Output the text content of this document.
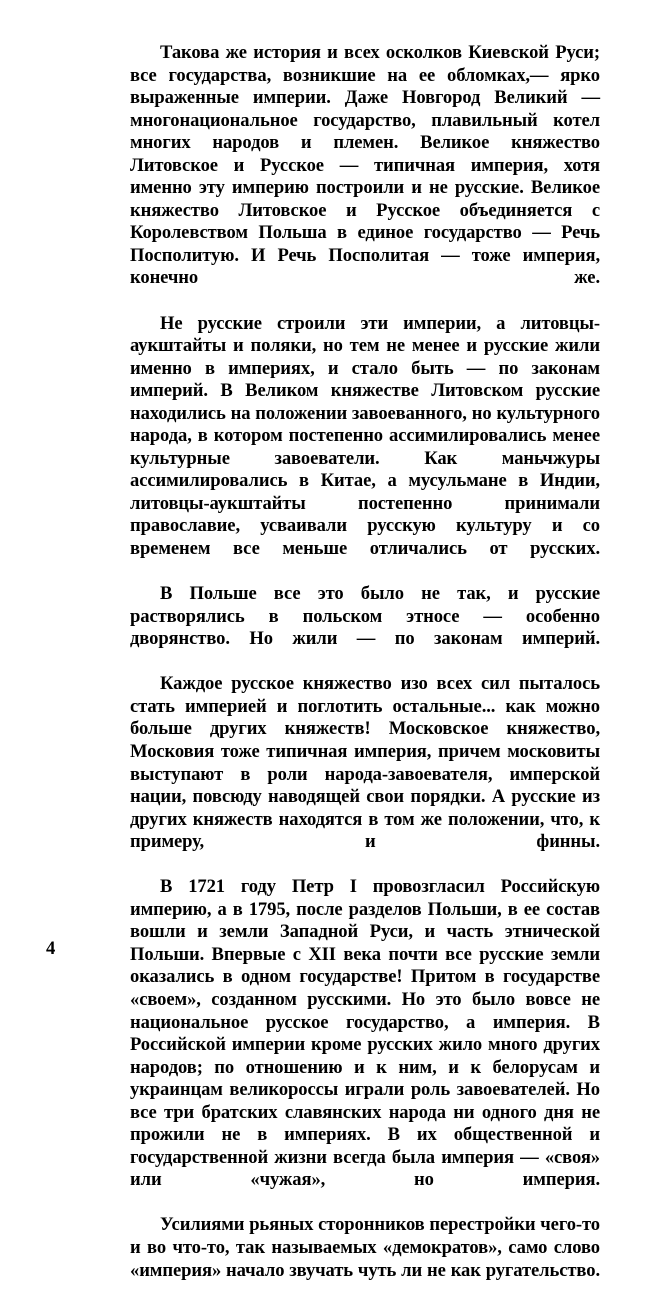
Такова же история и всех осколков Киевской Руси; все государства, возникшие на ее обломках,— ярко выраженные империи. Даже Новгород Великий — многонациональное государство, плавильный котел многих народов и племен. Великое княжество Литовское и Русское — типичная империя, хотя именно эту империю построили и не русские. Великое княжество Литовское и Русское объединяется с Королевством Польша в единое государство — Речь Посполитую. И Речь Посполитая — тоже империя, конечно же.

Не русские строили эти империи, а литовцы-аукштайты и поляки, но тем не менее и русские жили именно в империях, и стало быть — по законам империй. В Великом княжестве Литовском русские находились на положении завоеванного, но культурного народа, в котором постепенно ассимилировались менее культурные завоеватели. Как маньчжуры ассимилировались в Китае, а мусульмане в Индии, литовцы-аукштайты постепенно принимали православие, усваивали русскую культуру и со временем все меньше отличались от русских.

В Польше все это было не так, и русские растворялись в польском этносе — особенно дворянство. Но жили — по законам империй.

Каждое русское княжество изо всех сил пыталось стать империей и поглотить остальные... как можно больше других княжеств! Московское княжество, Московия тоже типичная империя, причем московиты выступают в роли народа-завоевателя, имперской нации, повсюду наводящей свои порядки. А русские из других княжеств находятся в том же положении, что, к примеру, и финны.

В 1721 году Петр I провозгласил Российскую империю, а в 1795, после разделов Польши, в ее состав вошли и земли Западной Руси, и часть этнической Польши. Впервые с XII века почти все русские земли оказались в одном государстве! Притом в государстве «своем», созданном русскими. Но это было вовсе не национальное русское государство, а империя. В Российской империи кроме русских жило много других народов; по отношению и к ним, и к белорусам и украинцам великороссы играли роль завоевателей. Но все три братских славянских народа ни одного дня не прожили не в империях. В их общественной и государственной жизни всегда была империя — «своя» или «чужая», но империя.

Усилиями рьяных сторонников перестройки чего-то и во что-то, так называемых «демократов», само слово «империя» начало звучать чуть ли не как ругательство.

4
